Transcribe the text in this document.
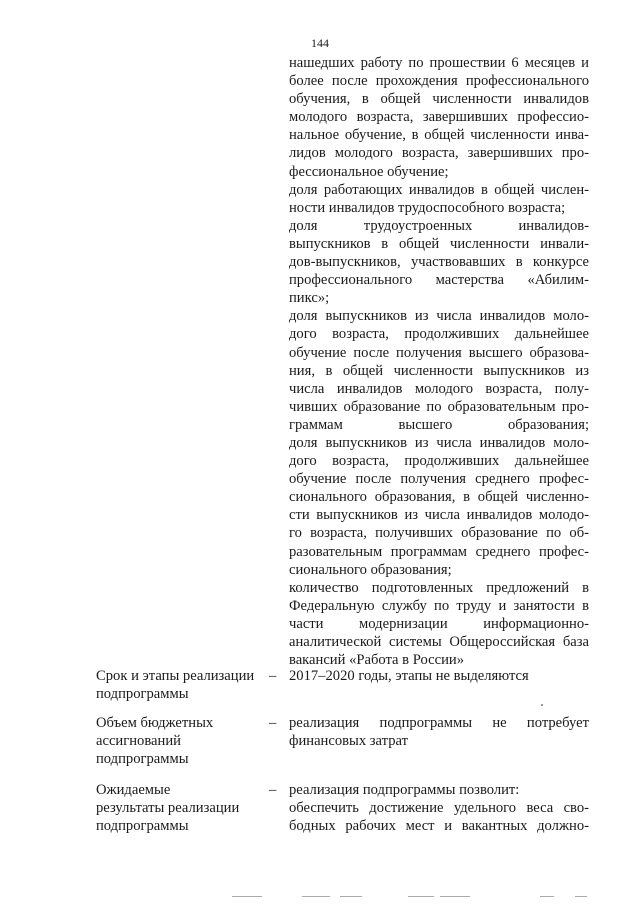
144
нашедших работу по прошествии 6 месяцев и
более после прохождения профессионального
обучения, в общей численности инвалидов
молодого возраста, завершивших профессио-
нальное обучение, в общей численности инва-
лидов молодого возраста, завершивших про-
фессиональное обучение;
доля работающих инвалидов в общей числен-
ности инвалидов трудоспособного возраста;
доля трудоустроенных инвалидов-
выпускников в общей численности инвали-
дов-выпускников, участвовавших в конкурсе
профессионального мастерства «Абилим-
пикс»;
доля выпускников из числа инвалидов моло-
дого возраста, продолживших дальнейшее
обучение после получения высшего образова-
ния, в общей численности выпускников из
числа инвалидов молодого возраста, полу-
чивших образование по образовательным про-
граммам высшего образования;
доля выпускников из числа инвалидов моло-
дого возраста, продолживших дальнейшее
обучение после получения среднего профес-
сионального образования, в общей численно-
сти выпускников из числа инвалидов молодо-
го возраста, получивших образование по об-
разовательным программам среднего профес-
сионального образования;
количество подготовленных предложений в
Федеральную службу по труду и занятости в
части модернизации информационно-
аналитической системы Общероссийская база
вакансий «Работа в России»
Срок и этапы реализации
подпрограммы
– 2017–2020 годы, этапы не выделяются
Объем бюджетных
ассигнований
подпрограммы
– реализация подпрограммы не потребует
финансовых затрат
Ожидаемые
результаты реализации
подпрограммы
– реализация подпрограммы позволит:
обеспечить достижение удельного веса сво-
бодных рабочих мест и вакантных должно-
